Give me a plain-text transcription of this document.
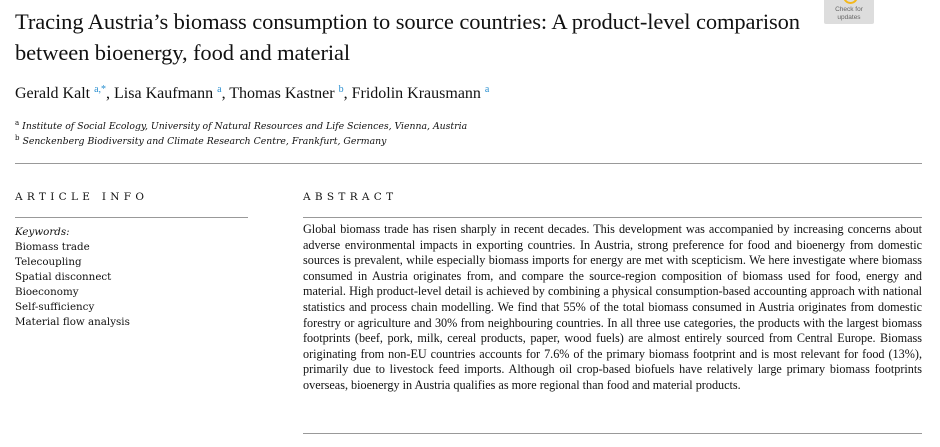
Tracing Austria’s biomass consumption to source countries: A product-level comparison between bioenergy, food and material
Check for updates
Gerald Kalt $^{a,*}$, Lisa Kaufmann $^a$, Thomas Kastner $^b$, Fridolin Krausmann $^a$
$^a$ Institute of Social Ecology, University of Natural Resources and Life Sciences, Vienna, Austria
$^b$ Senckenberg Biodiversity and Climate Research Centre, Frankfurt, Germany
ARTICLE INFO
Keywords:
Biomass trade
Telecoupling
Spatial disconnect
Bioeconomy
Self-sufficiency
Material flow analysis
ABSTRACT
Global biomass trade has risen sharply in recent decades. This development was accompanied by increasing concerns about adverse environmental impacts in exporting countries. In Austria, strong preference for food and bioenergy from domestic sources is prevalent, while especially biomass imports for energy are met with scepticism. We here investigate where biomass consumed in Austria originates from, and compare the source-region composition of biomass used for food, energy and material. High product-level detail is achieved by combining a physical consumption-based accounting approach with national statistics and process chain modelling. We find that 55% of the total biomass consumed in Austria originates from domestic forestry or agriculture and 30% from neighbouring countries. In all three use categories, the products with the largest biomass footprints (beef, pork, milk, cereal products, paper, wood fuels) are almost entirely sourced from Central Europe. Biomass originating from non-EU countries accounts for 7.6% of the primary biomass footprint and is most relevant for food (13%), primarily due to livestock feed imports. Although oil crop-based biofuels have relatively large primary biomass footprints overseas, bioenergy in Austria qualifies as more regional than food and material products.
